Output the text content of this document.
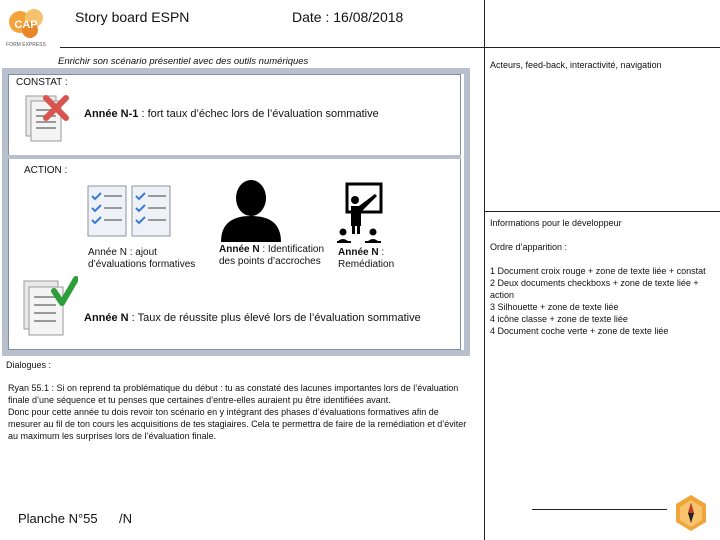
CAP
FORM EXPRESS
Story board ESPN	Date : 16/08/2018
Enrichir son scénario présentiel avec des outils numériques	Acteurs, feed-back, interactivité, navigation
CONSTAT :
Année N-1 : fort taux d’échec lors de l’évaluation sommative
ACTION :
Année N : ajout d’évaluations formatives
Année N : Identification des points d’accroches
Année N : Remédiation
Année N : Taux de réussite plus élevé lors de l’évaluation sommative
Informations pour le développeur
Ordre d’apparition :
1 Document croix rouge + zone de texte liée + constat
2 Deux documents checkboxs + zone de texte liée + action
3 Silhouette + zone de texte liée
4 icône classe + zone de texte liée
4 Document coche verte + zone de texte liée
Dialogues :
Ryan 55.1 : Si on reprend ta problématique du début : tu as constaté des lacunes importantes lors de l’évaluation finale d’une séquence et tu penses que certaines d’entre-elles auraient pu être identifiées avant.
Donc pour cette année tu dois revoir ton scénario en y intégrant des phases d’évaluations formatives afin de mesurer au fil de ton cours les acquisitions de tes stagiaires. Cela te permettra de faire de la remédiation et d’éviter au maximum les surprises lors de l’évaluation finale.
Planche N°55 /N
